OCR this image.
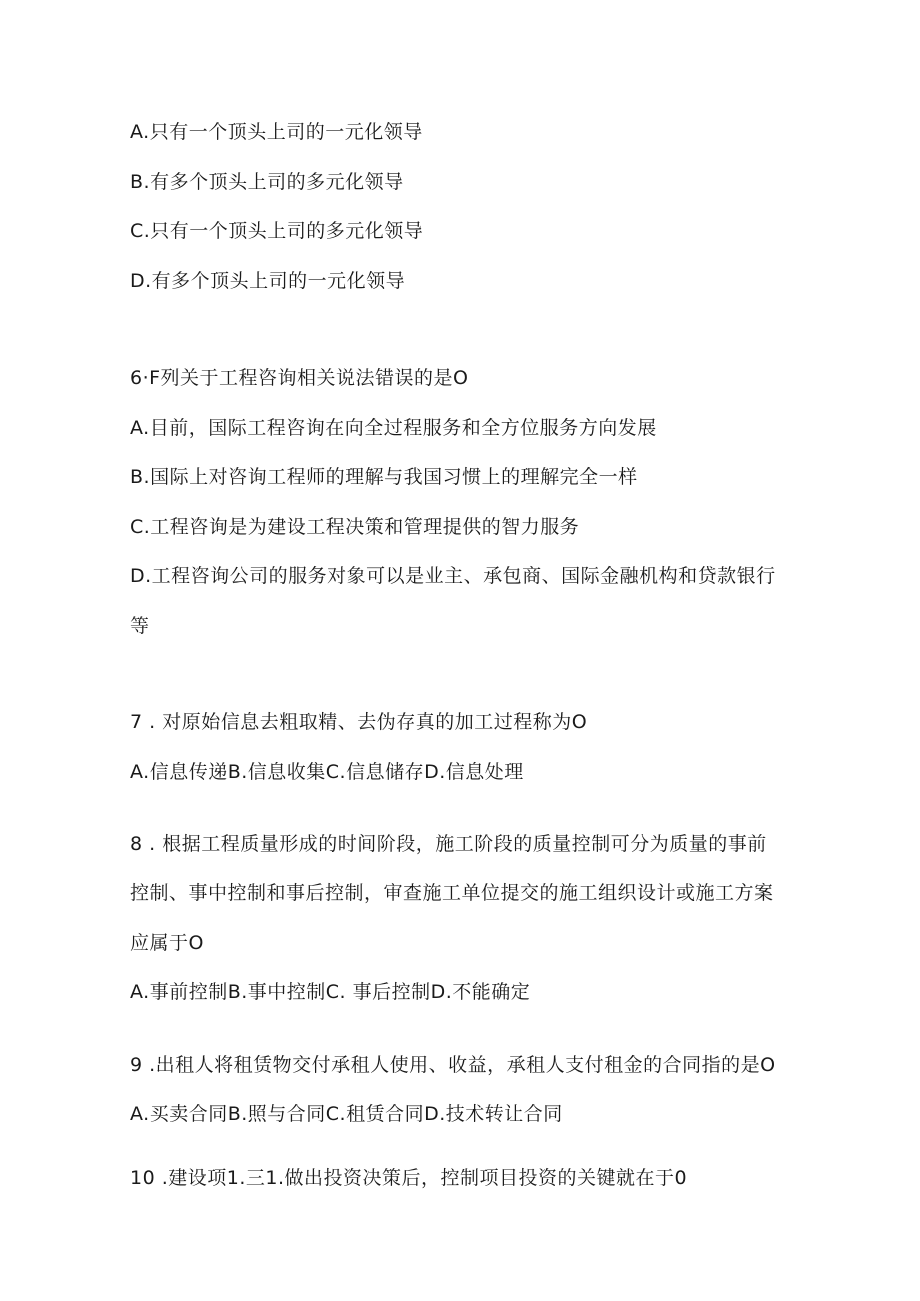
A.只有一个顶头上司的一元化领导
B.有多个顶头上司的多元化领导
C.只有一个顶头上司的多元化领导
D.有多个顶头上司的一元化领导
6·F列关于工程咨询相关说法错误的是O
A.目前，国际工程咨询在向全过程服务和全方位服务方向发展
B.国际上对咨询工程师的理解与我国习惯上的理解完全一样
C.工程咨询是为建设工程决策和管理提供的智力服务
D.工程咨询公司的服务对象可以是业主、承包商、国际金融机构和贷款银行
等
7 . 对原始信息去粗取精、去伪存真的加工过程称为O
A.信息传递B.信息收集C.信息储存D.信息处理
8 . 根据工程质量形成的时间阶段，施工阶段的质量控制可分为质量的事前
控制、事中控制和事后控制，审查施工单位提交的施工组织设计或施工方案
应属于O
A.事前控制B.事中控制C. 事后控制D.不能确定
9 .出租人将租赁物交付承租人使用、收益，承租人支付租金的合同指的是O
A.买卖合同B.照与合同C.租赁合同D.技术转让合同
10 .建设项1.三1.做出投资决策后，控制项目投资的关键就在于0
